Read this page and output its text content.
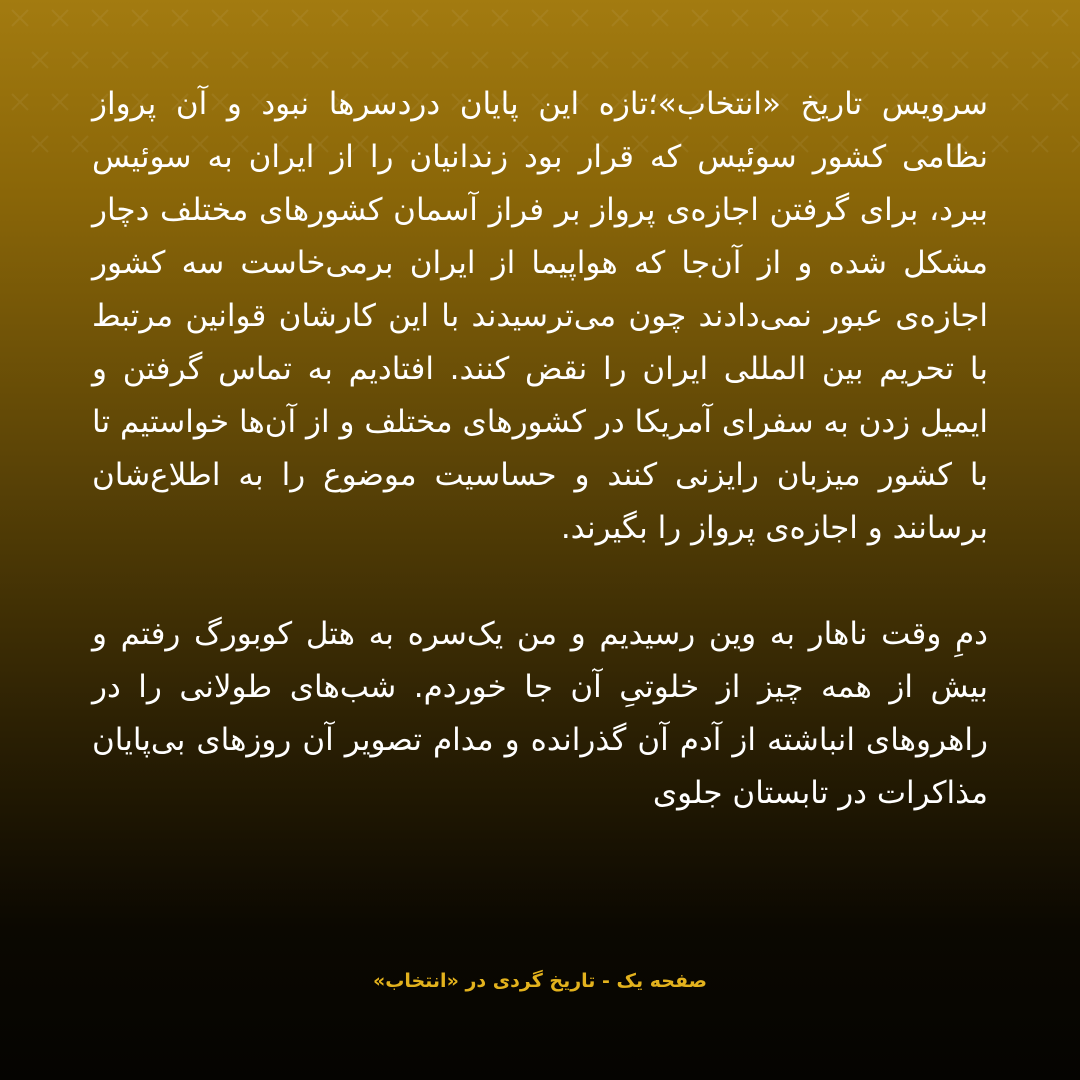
سرویس تاریخ «انتخاب»؛تازه این پایان دردسرها نبود و آن پرواز نظامی کشور سوئیس که قرار بود زندانیان را از ایران به سوئیس ببرد، برای گرفتن اجازه‌ی پرواز بر فراز آسمان کشورهای مختلف دچار مشکل شده و از آن‌جا که هواپیما از ایران برمی‌خاست سه کشور اجازه‌ی عبور نمی‌دادند چون می‌ترسیدند با این کارشان قوانین مرتبط با تحریم بین المللی ایران را نقض کنند. افتادیم به تماس گرفتن و ایمیل زدن به سفرای آمریکا در کشورهای مختلف و از آن‌ها خواستیم تا با کشور میزبان رایزنی کنند و حساسیت موضوع را به اطلاع‌شان برسانند و اجازه‌ی پرواز را بگیرند.

دمِ وقت ناهار به وین رسیدیم و من یک‌سره به هتل کوبورگ رفتم و بیش از همه چیز از خلوتیِ آن جا خوردم. شب‌های طولانی را در راهروهای انباشته از آدم آن گذرانده و مدام تصویر آن روزهای بی‌پایان مذاکرات در تابستان جلوی

صفحه یک - تاریخ گردی در «انتخاب»
